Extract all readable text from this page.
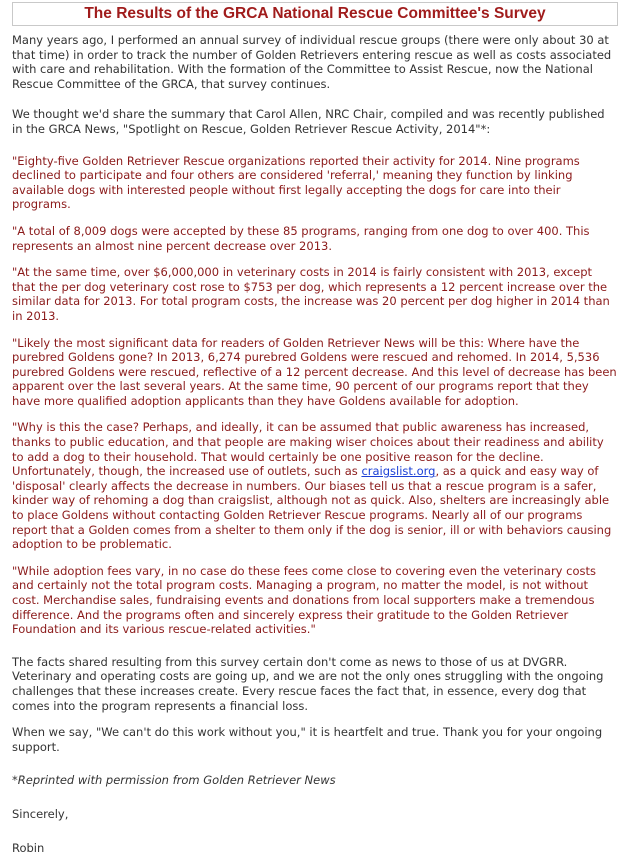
The Results of the GRCA National Rescue Committee's Survey

Many years ago, I performed an annual survey of individual rescue groups (there were only about 30 at that time) in order to track the number of Golden Retrievers entering rescue as well as costs associated with care and rehabilitation. With the formation of the Committee to Assist Rescue, now the National Rescue Committee of the GRCA, that survey continues.

We thought we'd share the summary that Carol Allen, NRC Chair, compiled and was recently published in the GRCA News, "Spotlight on Rescue, Golden Retriever Rescue Activity, 2014"*:

"Eighty-five Golden Retriever Rescue organizations reported their activity for 2014. Nine programs declined to participate and four others are considered 'referral,' meaning they function by linking available dogs with interested people without first legally accepting the dogs for care into their programs.

"A total of 8,009 dogs were accepted by these 85 programs, ranging from one dog to over 400. This represents an almost nine percent decrease over 2013.

"At the same time, over $6,000,000 in veterinary costs in 2014 is fairly consistent with 2013, except that the per dog veterinary cost rose to $753 per dog, which represents a 12 percent increase over the similar data for 2013. For total program costs, the increase was 20 percent per dog higher in 2014 than in 2013.

"Likely the most significant data for readers of Golden Retriever News will be this: Where have the purebred Goldens gone? In 2013, 6,274 purebred Goldens were rescued and rehomed. In 2014, 5,536 purebred Goldens were rescued, reflective of a 12 percent decrease. And this level of decrease has been apparent over the last several years. At the same time, 90 percent of our programs report that they have more qualified adoption applicants than they have Goldens available for adoption.

"Why is this the case? Perhaps, and ideally, it can be assumed that public awareness has increased, thanks to public education, and that people are making wiser choices about their readiness and ability to add a dog to their household. That would certainly be one positive reason for the decline. Unfortunately, though, the increased use of outlets, such as craigslist.org, as a quick and easy way of 'disposal' clearly affects the decrease in numbers. Our biases tell us that a rescue program is a safer, kinder way of rehoming a dog than craigslist, although not as quick. Also, shelters are increasingly able to place Goldens without contacting Golden Retriever Rescue programs. Nearly all of our programs report that a Golden comes from a shelter to them only if the dog is senior, ill or with behaviors causing adoption to be problematic.

"While adoption fees vary, in no case do these fees come close to covering even the veterinary costs and certainly not the total program costs. Managing a program, no matter the model, is not without cost. Merchandise sales, fundraising events and donations from local supporters make a tremendous difference. And the programs often and sincerely express their gratitude to the Golden Retriever Foundation and its various rescue-related activities."

The facts shared resulting from this survey certain don't come as news to those of us at DVGRR. Veterinary and operating costs are going up, and we are not the only ones struggling with the ongoing challenges that these increases create. Every rescue faces the fact that, in essence, every dog that comes into the program represents a financial loss.

When we say, "We can't do this work without you," it is heartfelt and true. Thank you for your ongoing support.

*Reprinted with permission from Golden Retriever News

Sincerely,

Robin
